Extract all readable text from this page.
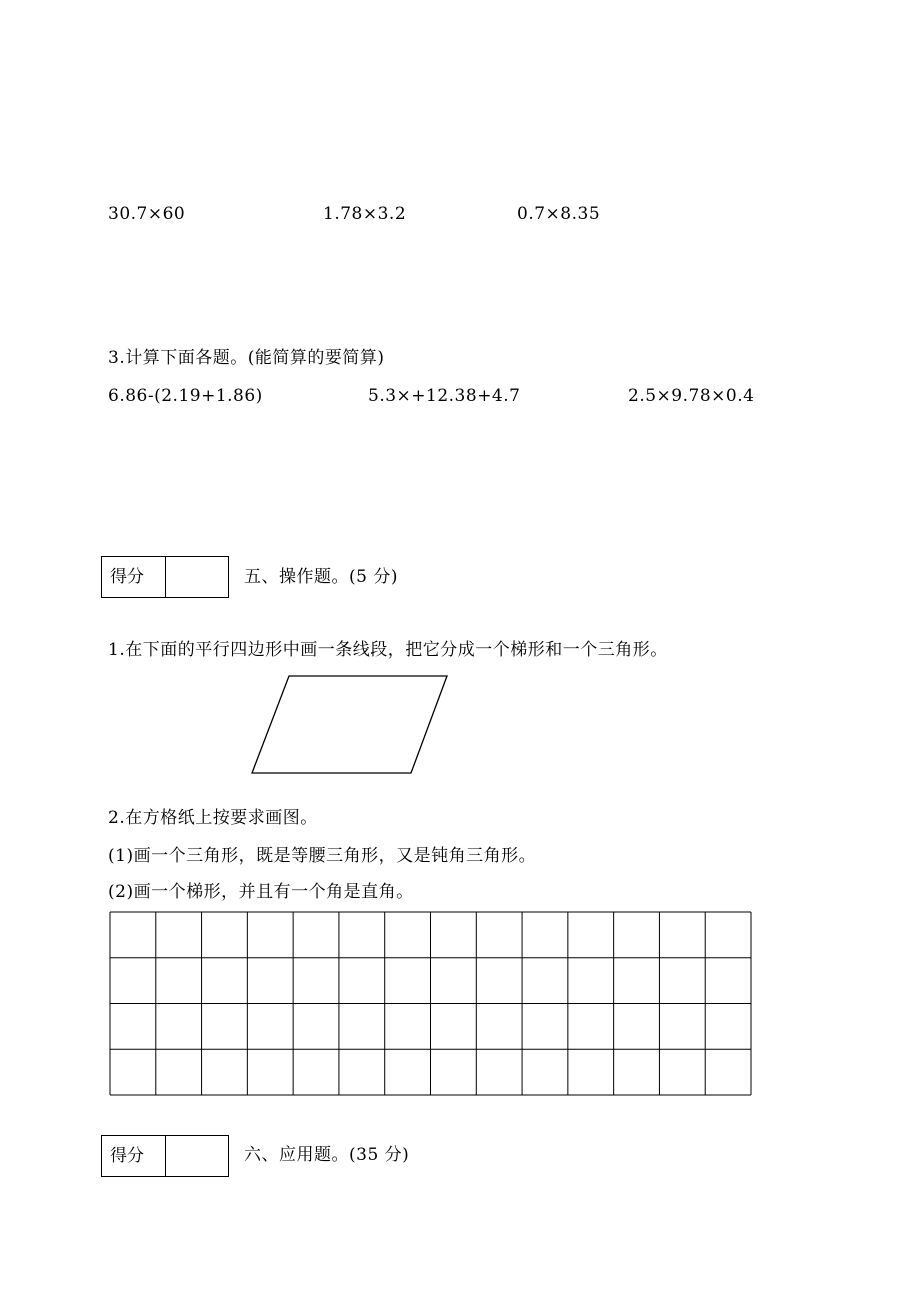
30.7×60	1.78×3.2	0.7×8.35
3.计算下面各题。(能简算的要简算)
6.86-(2.19+1.86)	5.3×+12.38+4.7	2.5×9.78×0.4
得分	五、操作题。(5 分)
1.在下面的平行四边形中画一条线段，把它分成一个梯形和一个三角形。
2.在方格纸上按要求画图。
(1)画一个三角形，既是等腰三角形，又是钝角三角形。
(2)画一个梯形，并且有一个角是直角。
得分	六、应用题。(35 分)
